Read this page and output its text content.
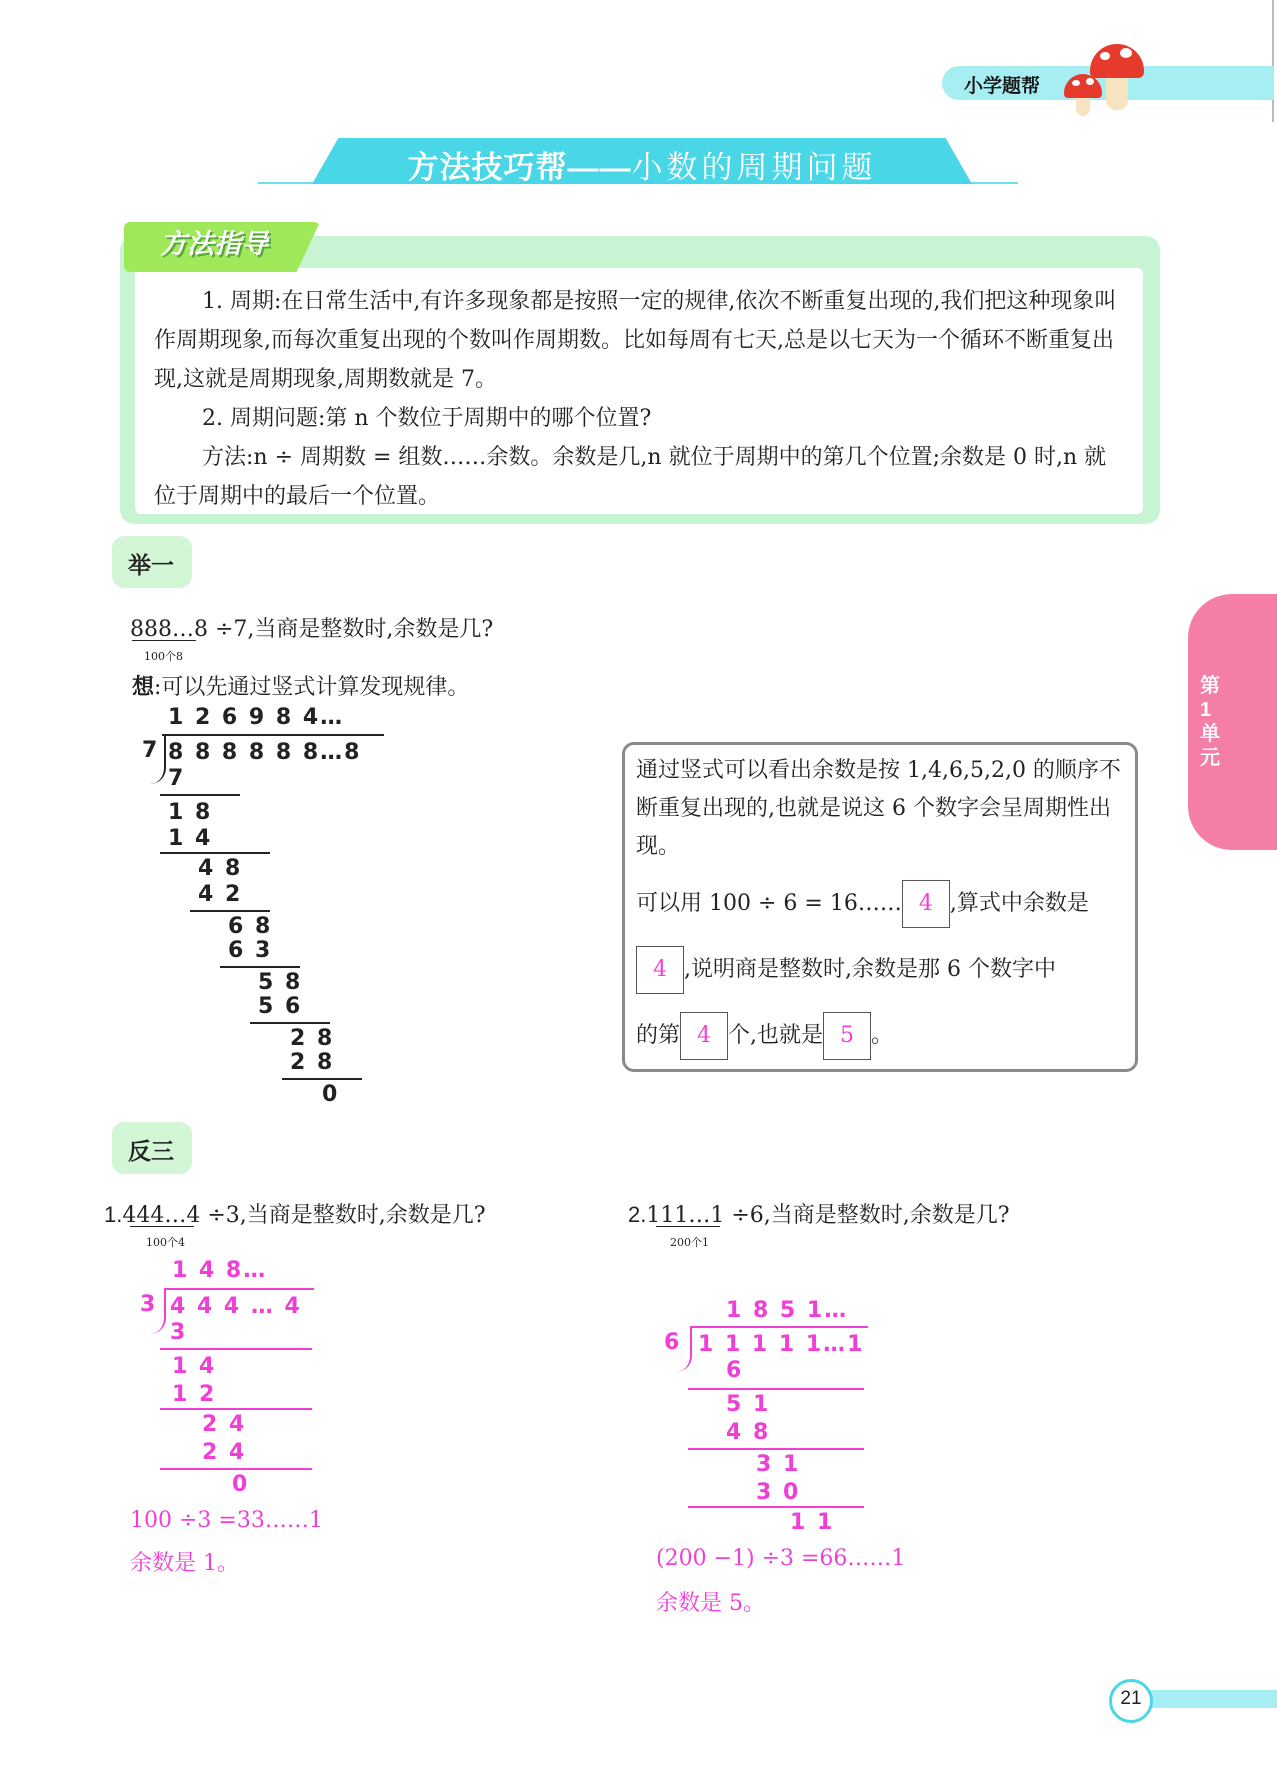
小学题帮
方法技巧帮——小数的周期问题
方法指导

1. 周期:在日常生活中,有许多现象都是按照一定的规律,依次不断重复出现的,我们把这种现象叫作周期现象,而每次重复出现的个数叫作周期数。比如每周有七天,总是以七天为一个循环不断重复出现,这就是周期现象,周期数就是 7。

2. 周期问题:第 n 个数位于周期中的哪个位置?

方法:n ÷ 周期数 = 组数……余数。余数是几,n 就位于周期中的第几个位置;余数是 0 时,n 就位于周期中的最后一个位置。

第1单元
举一
888…8 ÷7,当商是整数时,余数是几?
100个8
想:可以先通过竖式计算发现规律。
1 2 6 9 8 4…
7 8 8 8 8 8 8…8
7
1 8
1 4
4 8
4 2
6 8
6 3
5 8
5 6
2 8
2 8
0
通过竖式可以看出余数是按 1,4,6,5,2,0 的顺序不断重复出现的,也就是说这 6 个数字会呈周期性出现。
可以用 100 ÷ 6 = 16…… 4 ,算式中余数是
4 ,说明商是整数时,余数是那 6 个数字中
的第 4 个,也就是 5 。
反三
1.444…4 ÷3,当商是整数时,余数是几?
100个4
1 4 8…
3 4 4 4 … 4
3
1 4
1 2
2 4
2 4
0
100 ÷3 =33……1
余数是 1。
2.111…1 ÷6,当商是整数时,余数是几?
200个1
1 8 5 1…
6 1 1 1 1 1…1
6
5 1
4 8
3 1
3 0
1 1
(200 −1) ÷3 =66……1
余数是 5。
21
